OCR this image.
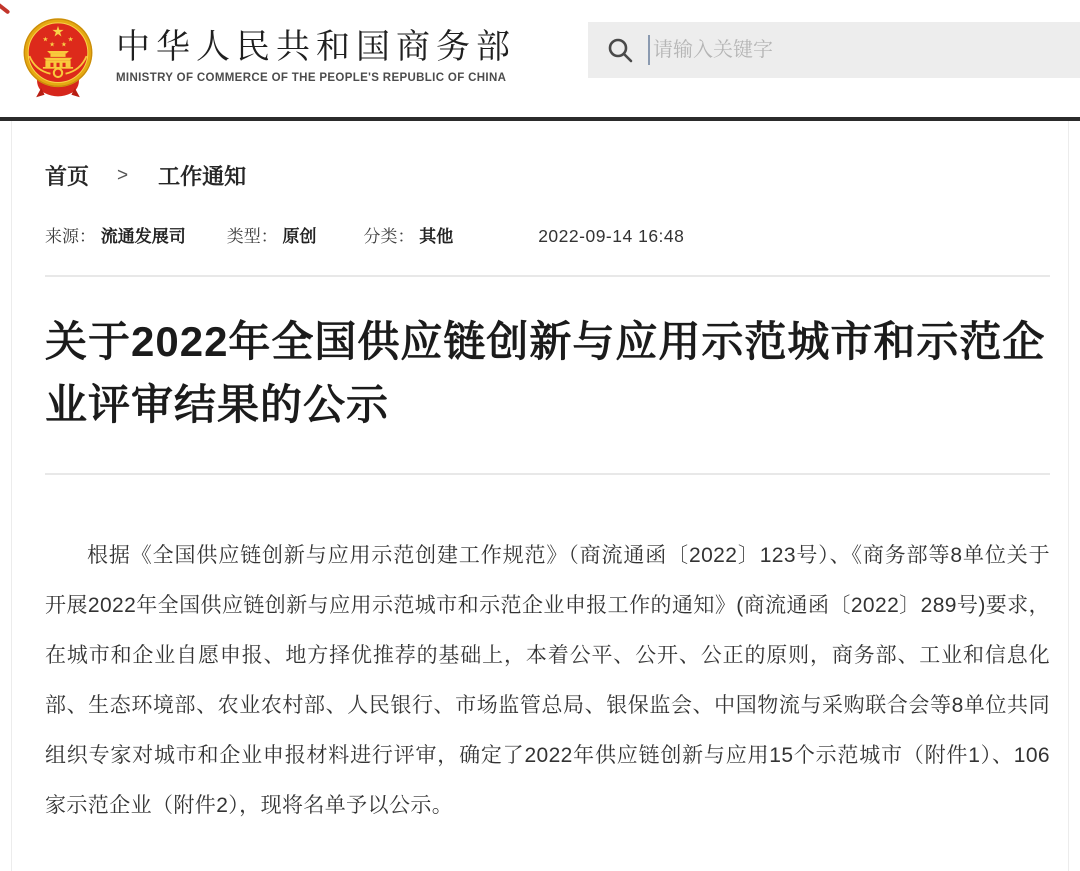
中华人民共和国商务部
MINISTRY OF COMMERCE OF THE PEOPLE'S REPUBLIC OF CHINA
请输入关键字
首页 > 工作通知
来源： 流通发展司 类型： 原创	分类： 其他	2022-09-14 16:48
关于2022年全国供应链创新与应用示范城市和示范企业评审结果的公示

根据《全国供应链创新与应用示范创建工作规范》（商流通函〔2022〕123号）、《商务部等8单位关于开展2022年全国供应链创新与应用示范城市和示范企业申报工作的通知》(商流通函〔2022〕289号)要求，在城市和企业自愿申报、地方择优推荐的基础上，本着公平、公开、公正的原则，商务部、工业和信息化部、生态环境部、农业农村部、人民银行、市场监管总局、银保监会、中国物流与采购联合会等8单位共同组织专家对城市和企业申报材料进行评审，确定了2022年供应链创新与应用15个示范城市（附件1）、106家示范企业（附件2），现将名单予以公示。
